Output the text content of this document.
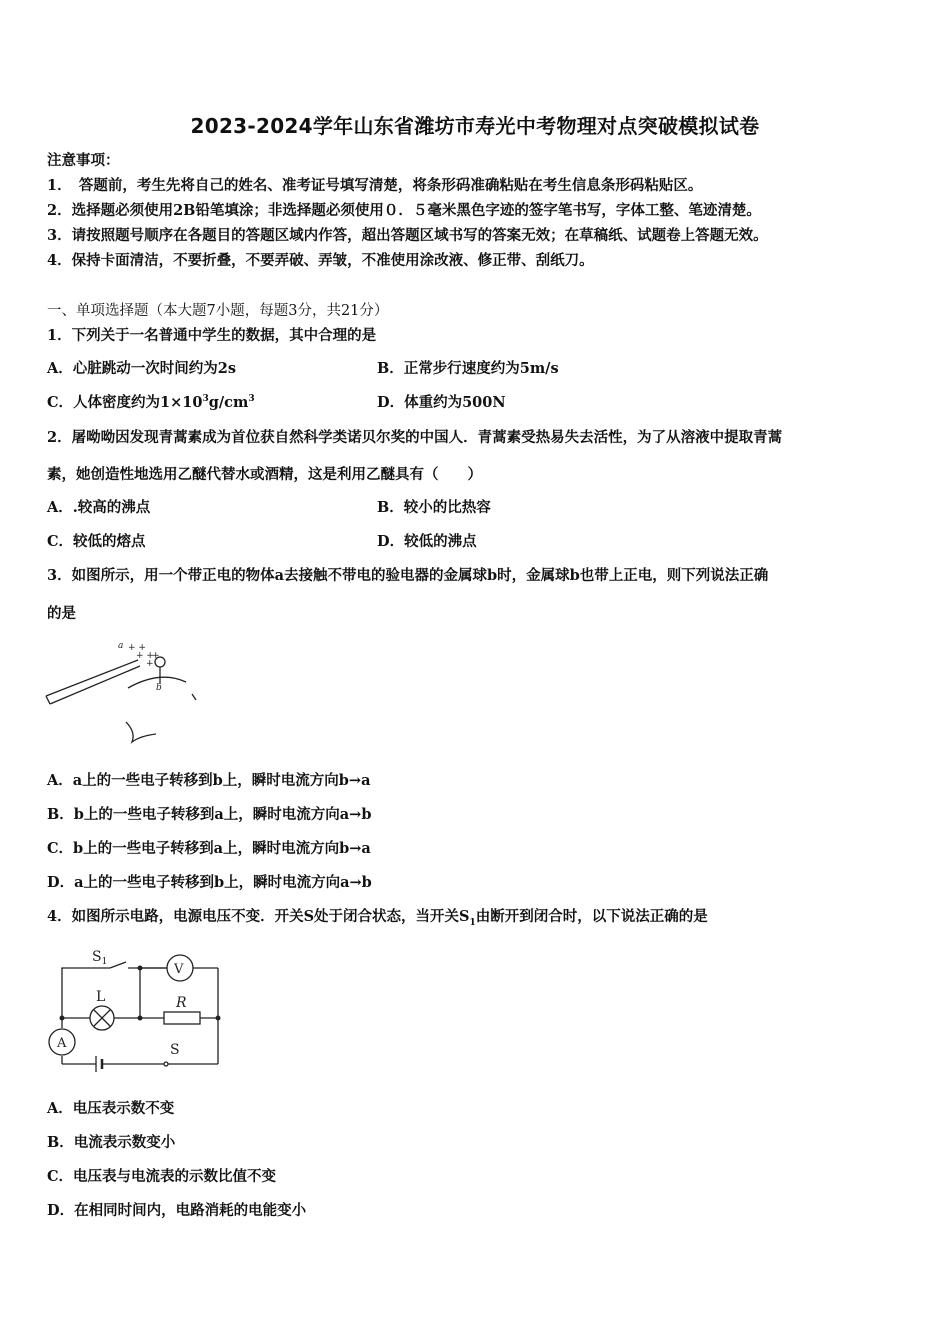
2023-2024学年山东省潍坊市寿光中考物理对点突破模拟试卷
注意事项：
1．　答题前，考生先将自己的姓名、准考证号填写清楚，将条形码准确粘贴在考生信息条形码粘贴区。
2．选择题必须使用2B铅笔填涂；非选择题必须使用０．５毫米黑色字迹的签字笔书写，字体工整、笔迹清楚。
3．请按照题号顺序在各题目的答题区域内作答，超出答题区域书写的答案无效；在草稿纸、试题卷上答题无效。
4．保持卡面清洁，不要折叠，不要弄破、弄皱，不准使用涂改液、修正带、刮纸刀。
一、单项选择题（本大题7小题，每题3分，共21分）
1．下列关于一名普通中学生的数据，其中合理的是
A．心脏跳动一次时间约为2s	B．正常步行速度约为5m/s
C．人体密度约为$1\times 10^3g/cm^3$	D．体重约为500N
2．屠呦呦因发现青蒿素成为首位获自然科学类诺贝尔奖的中国人．青蒿素受热易失去活性，为了从溶液中提取青蒿
素，她创造性地选用乙醚代替水或酒精，这是利用乙醚具有（　　）
A．.较高的沸点	B．较小的比热容
C．较低的熔点	D．较低的沸点
3．如图所示，用一个带正电的物体a去接触不带电的验电器的金属球b时，金属球b也带上正电，则下列说法正确
的是
a
b
+ +
+ +
+
+
A．a上的一些电子转移到b上，瞬时电流方向b→a
B．b上的一些电子转移到a上，瞬时电流方向a→b
C．b上的一些电子转移到a上，瞬时电流方向b→a
D．a上的一些电子转移到b上，瞬时电流方向a→b
4．如图所示电路，电源电压不变．开关S处于闭合状态，当开关$S_1$由断开到闭合时，以下说法正确的是
$S_1$	V
L	R
A	S
A．电压表示数不变
B．电流表示数变小
C．电压表与电流表的示数比值不变
D．在相同时间内，电路消耗的电能变小
